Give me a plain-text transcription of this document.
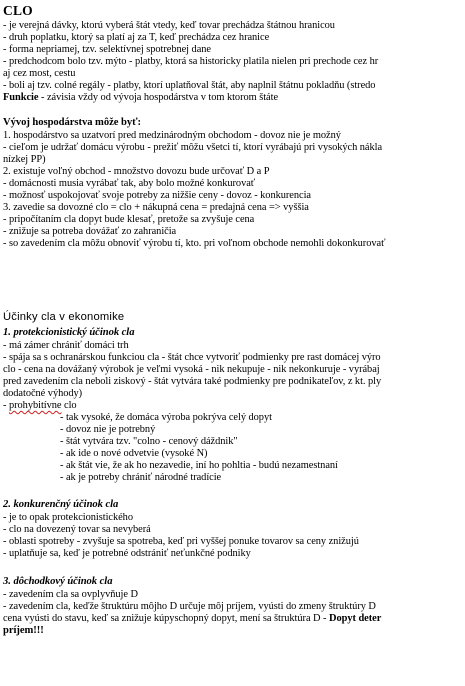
CLO
- je verejná dávky, ktorú vyberá štát vtedy, keď tovar prechádza štátnou hranicou
- druh poplatku, ktorý sa platí aj za T, keď prechádza cez hranice
- forma nepriamej, tzv. selektívnej spotrebnej dane
- predchodcom bolo tzv. mýto - platby, ktorá sa historicky platila nielen pri prechode cez hr
aj cez most, cestu
- boli aj tzv. colné regály - platby, ktorí uplatňoval štát, aby naplnil štátnu pokladňu (stredo
Funkcie - závisia vždy od vývoja hospodárstva v tom ktorom štáte
Vývoj hospodárstva môže byť:
1. hospodárstvo sa uzatvorí pred medzinárodným obchodom - dovoz nie je možný
- cieľom je udržať domácu výrobu - prežiť môžu všetci tí, ktorí vyrábajú pri vysokých nákla
nízkej PP)
2. existuje voľný obchod - množstvo dovozu bude určovať D a P
- domácnosti musia vyrábať tak, aby bolo možné konkurovať
- možnosť uspokojovať svoje potreby za nižšie ceny - dovoz - konkurencia
3. zavedie sa dovozné clo = clo + nákupná cena = predajná cena => vyššia
- pripočítaním cla dopyt bude klesať, pretože sa zvyšuje cena
- znižuje sa potreba dovážať zo zahraničia
- so zavedením cla môžu obnoviť výrobu tí, kto. pri voľnom obchode nemohli dokonkurovať
Účinky cla v ekonomike
1. protekcionistický účinok cla
- má zámer chrániť domáci trh
- spája sa s ochranárskou funkciou cla - štát chce vytvoriť podmienky pre rast domácej výro
clo - cena na dovážaný výrobok je veľmi vysoká - nik nekupuje - nik nekonkuruje - vyrábaj
pred zavedením cla neboli ziskový - štát vytvára také podmienky pre podnikateľov, z kt. ply
dodatočné výhody)
- prohybitívne clo
- tak vysoké, že domáca výroba pokrýva celý dopyt
- dovoz nie je potrebný
- štát vytvára tzv. "colno - cenový dáždnik"
- ak ide o nové odvetvie (vysoké N)
- ak štát vie, že ak ho nezavedie, iní ho pohltia - budú nezamestnaní
- ak je potreby chrániť národné tradície
2. konkurenčný účinok cla
- je to opak protekcionistického
- clo na dovezený tovar sa nevyberá
- oblasti spotreby - zvyšuje sa spotreba, keď pri vyššej ponuke tovarov sa ceny znižujú
- uplatňuje sa, keď je potrebné odstrániť neťunkčné podniky
3. dôchodkový účinok cla
- zavedením cla sa ovplyvňuje D
- zavedením cla, keďže štruktúru môjho D určuje môj príjem, vyústi do zmeny štruktúry D
cena vyústi do stavu, keď sa znižuje kúpyschopný dopyt, mení sa štruktúra D - Dopyt deter
príjem!!!
